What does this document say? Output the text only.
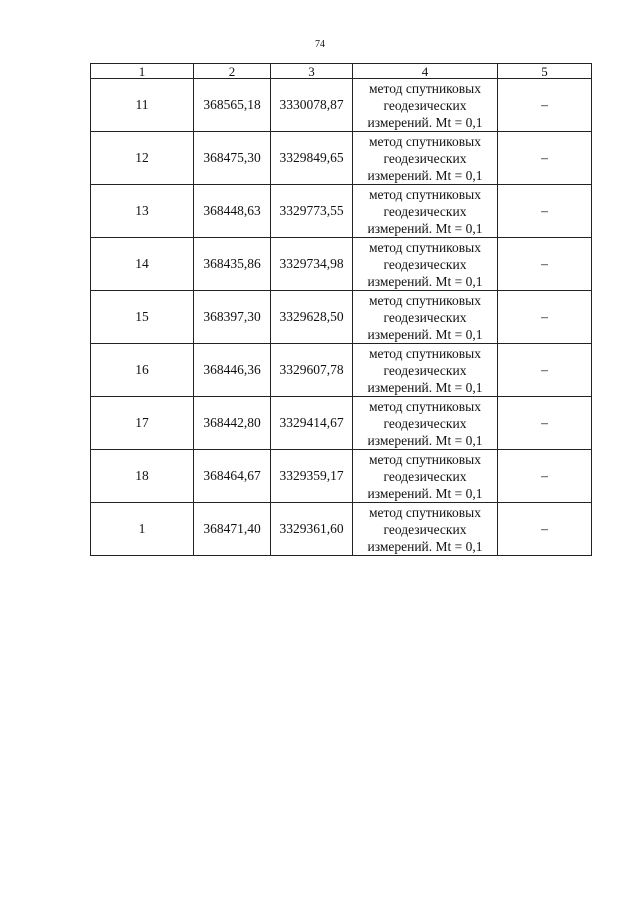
74
1	2	3	4	5
11	368565,18	3330078,87	метод спутниковых
геодезических
измерений. Mt = 0,1	–
12	368475,30	3329849,65	метод спутниковых
геодезических
измерений. Mt = 0,1	–
13	368448,63	3329773,55	метод спутниковых
геодезических
измерений. Mt = 0,1	–
14	368435,86	3329734,98	метод спутниковых
геодезических
измерений. Mt = 0,1	–
15	368397,30	3329628,50	метод спутниковых
геодезических
измерений. Mt = 0,1	–
16	368446,36	3329607,78	метод спутниковых
геодезических
измерений. Mt = 0,1	–
17	368442,80	3329414,67	метод спутниковых
геодезических
измерений. Mt = 0,1	–
18	368464,67	3329359,17	метод спутниковых
геодезических
измерений. Mt = 0,1	–
1	368471,40	3329361,60	метод спутниковых
геодезических
измерений. Mt = 0,1	–
